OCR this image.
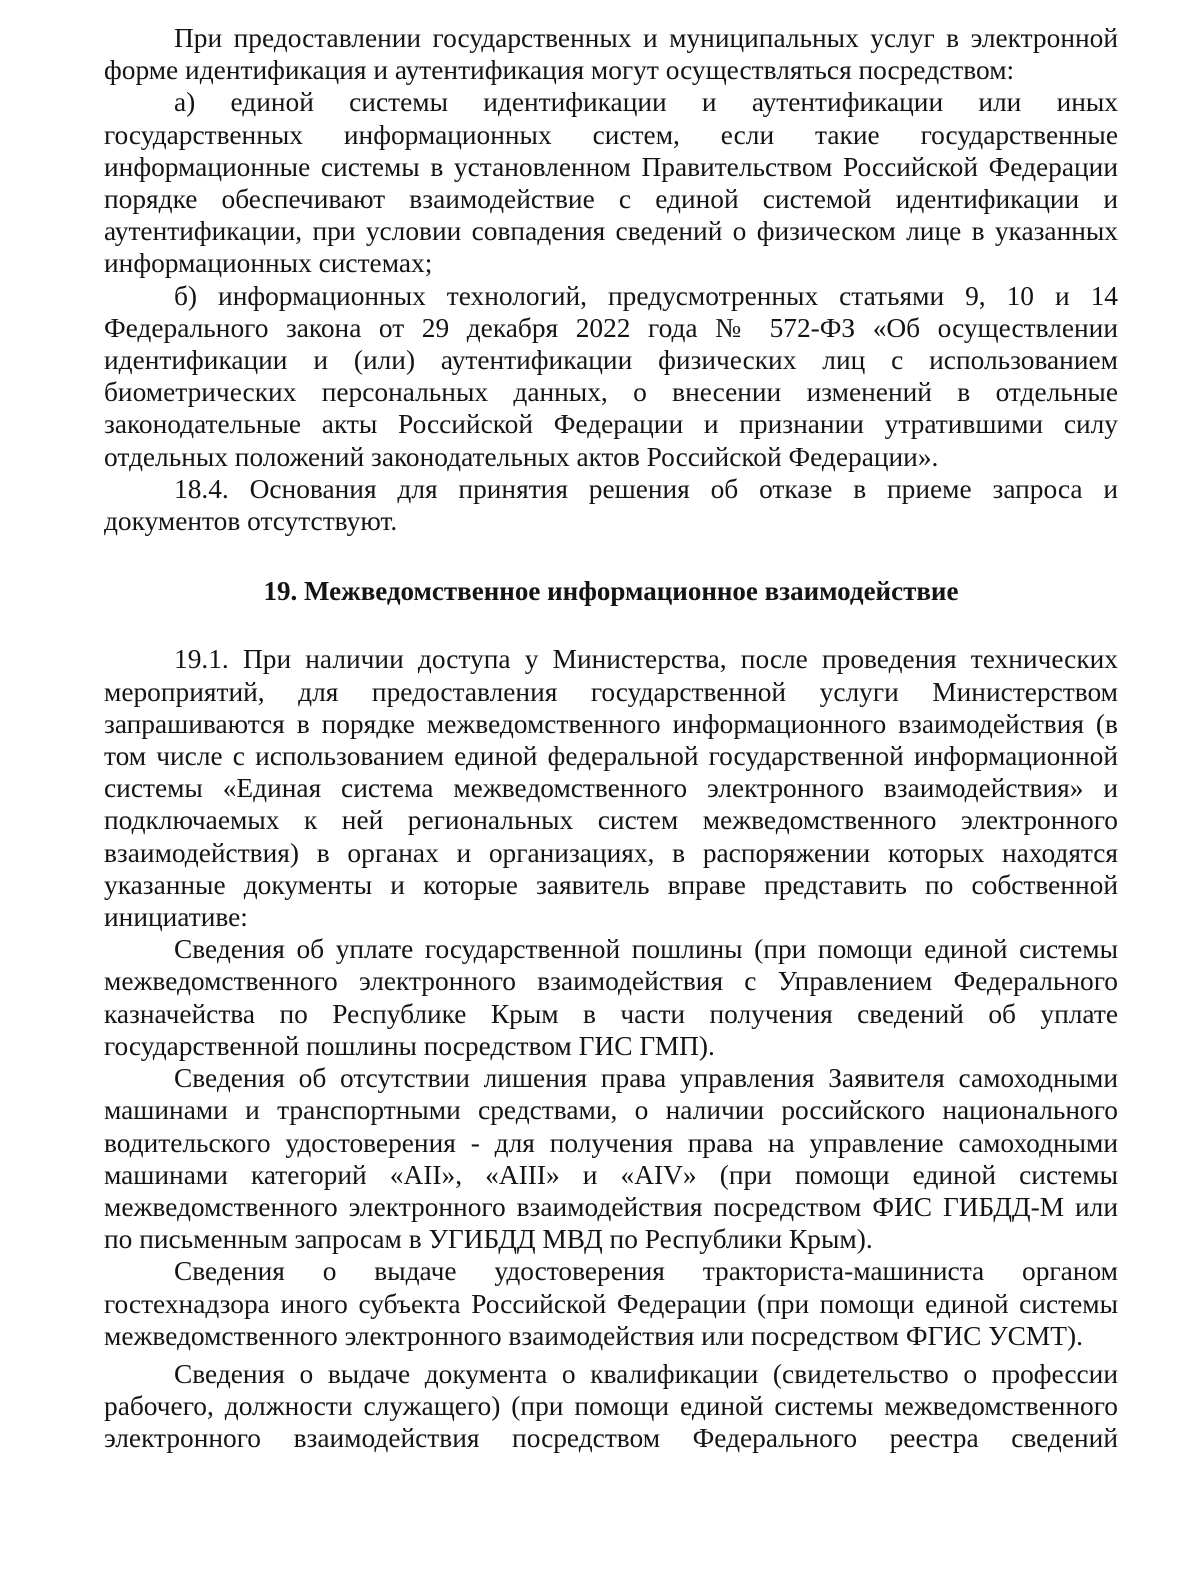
При предоставлении государственных и муниципальных услуг в электронной форме идентификация и аутентификация могут осуществляться посредством:

а) единой системы идентификации и аутентификации или иных государственных информационных систем, если такие государственные информационные системы в установленном Правительством Российской Федерации порядке обеспечивают взаимодействие с единой системой идентификации и аутентификации, при условии совпадения сведений о физическом лице в указанных информационных системах;

б) информационных технологий, предусмотренных статьями 9, 10 и 14 Федерального закона от 29 декабря 2022 года № 572-ФЗ «Об осуществлении идентификации и (или) аутентификации физических лиц с использованием биометрических персональных данных, о внесении изменений в отдельные законодательные акты Российской Федерации и признании утратившими силу отдельных положений законодательных актов Российской Федерации».

18.4. Основания для принятия решения об отказе в приеме запроса и документов отсутствуют.

19. Межведомственное информационное взаимодействие

19.1. При наличии доступа у Министерства, после проведения технических мероприятий, для предоставления государственной услуги Министерством запрашиваются в порядке межведомственного информационного взаимодействия (в том числе с использованием единой федеральной государственной информационной системы «Единая система межведомственного электронного взаимодействия» и подключаемых к ней региональных систем межведомственного электронного взаимодействия) в органах и организациях, в распоряжении которых находятся указанные документы и которые заявитель вправе представить по собственной инициативе:

Сведения об уплате государственной пошлины (при помощи единой системы межведомственного электронного взаимодействия с Управлением Федерального казначейства по Республике Крым в части получения сведений об уплате государственной пошлины посредством ГИС ГМП).

Сведения об отсутствии лишения права управления Заявителя самоходными машинами и транспортными средствами, о наличии российского национального водительского удостоверения - для получения права на управление самоходными машинами категорий «AII», «AIII» и «AIV» (при помощи единой системы межведомственного электронного взаимодействия посредством ФИС ГИБДД-М или по письменным запросам в УГИБДД МВД по Республики Крым).

Сведения о выдаче удостоверения тракториста-машиниста органом гостехнадзора иного субъекта Российской Федерации (при помощи единой системы межведомственного электронного взаимодействия или посредством ФГИС УСМТ).

Сведения о выдаче документа о квалификации (свидетельство о профессии рабочего, должности служащего) (при помощи единой системы межведомственного электронного взаимодействия посредством Федерального реестра сведений
